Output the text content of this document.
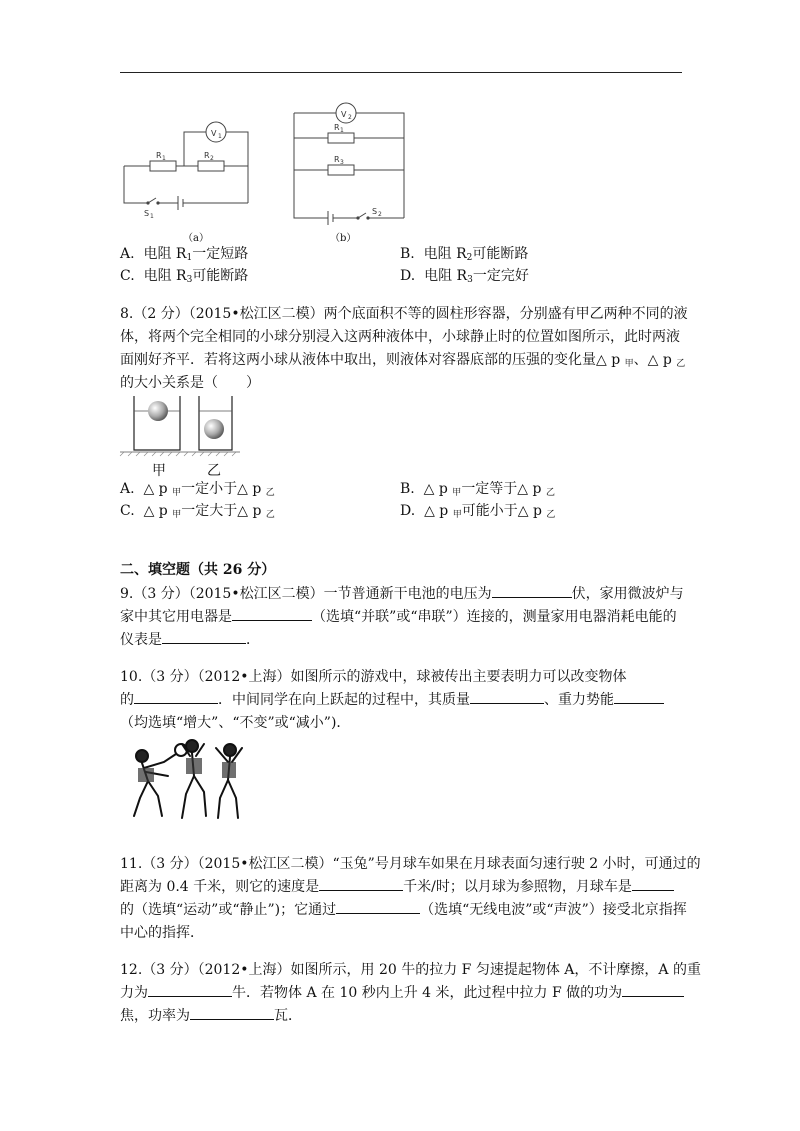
V 1
R 1	R 2
S 1
（a）
V 2
R 1
R 3
S 2
（b）
A. 电阻 $R_1$一定短路	B. 电阻 $R_2$可能断路
C. 电阻 $R_3$可能断路	D. 电阻 $R_3$一定完好
8.（2 分）（2015•松江区二模）两个底面积不等的圆柱形容器，分别盛有甲乙两种不同的液
体，将两个完全相同的小球分别浸入这两种液体中，小球静止时的位置如图所示，此时两液
面刚好齐平．若将这两小球从液体中取出，则液体对容器底部的压强的变化量△ p $_甲$、△ p $_乙$
的大小关系是（　　）
甲	乙
A. △ p $_甲$一定小于△ p $_乙$	B. △ p $_甲$一定等于△ p $_乙$
C. △ p $_甲$一定大于△ p $_乙$	D. △ p $_甲$可能小于△ p $_乙$
二、填空题（共 26 分）
9.（3 分）（2015•松江区二模）一节普通新干电池的电压为	伏，家用微波炉与
家中其它用电器是	（选填“并联”或“串联”）连接的，测量家用电器消耗电能的
仪表是	．
10.（3 分）（2012•上海）如图所示的游戏中，球被传出主要表明力可以改变物体
的	．中间同学在向上跃起的过程中，其质量	、重力势能
（均选填“增大”、“不变”或“减小”)．
11.（3 分）（2015•松江区二模）“玉兔”号月球车如果在月球表面匀速行驶 2 小时，可通过的
距离为 0.4 千米，则它的速度是	千米/时；以月球为参照物，月球车是
的（选填“运动”或“静止”)；它通过	（选填“无线电波”或“声波”）接受北京指挥
中心的指挥．
12.（3 分）（2012•上海）如图所示，用 20 牛的拉力 F 匀速提起物体 A，不计摩擦，A 的重
力为	牛．若物体 A 在 10 秒内上升 4 米，此过程中拉力 F 做的功为
焦，功率为	瓦．
